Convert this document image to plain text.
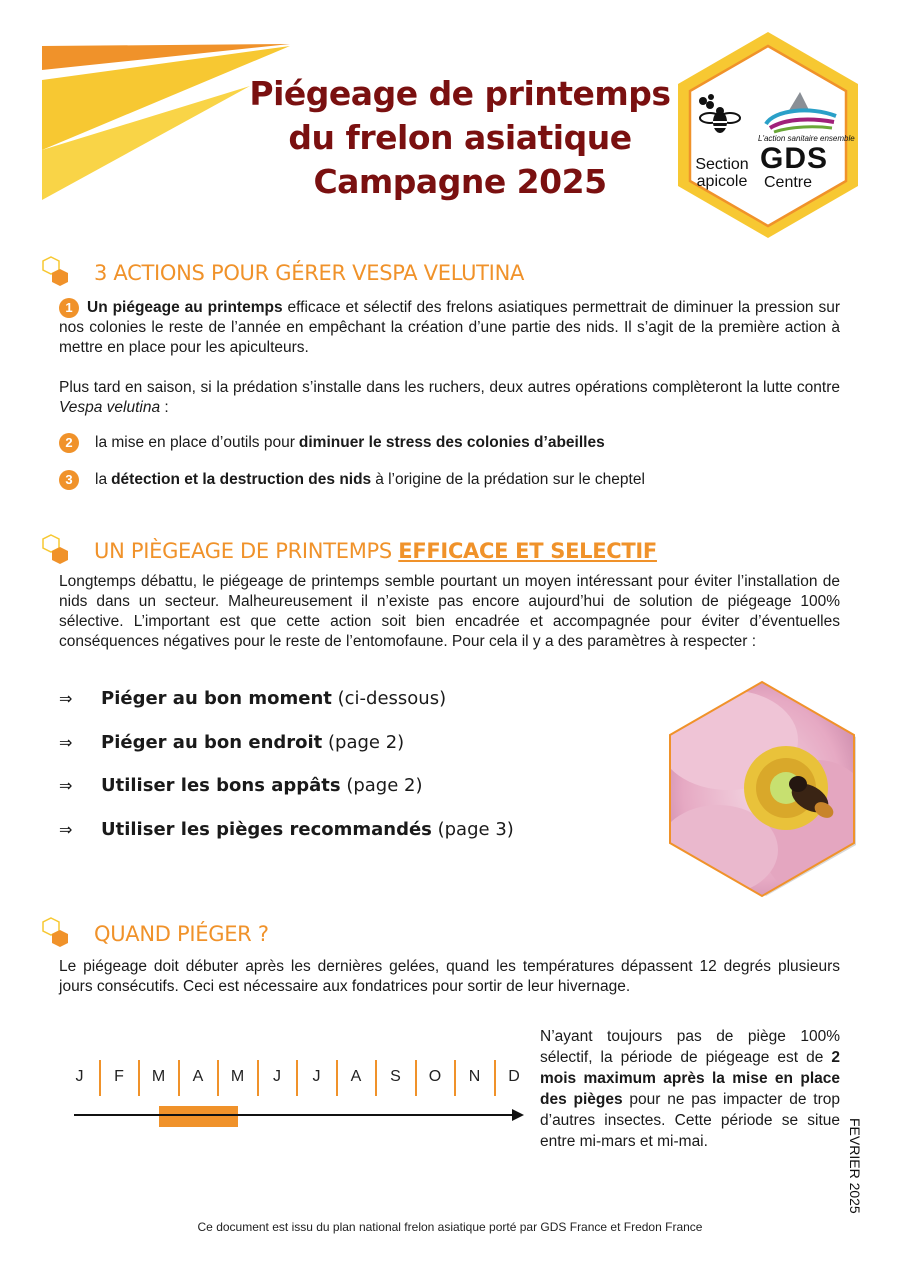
Piégeage de printemps
du frelon asiatique
Campagne 2025	Section
apicole
L'action sanitaire ensemble
GDS
Centre
3 ACTIONS POUR GÉRER VESPA VELUTINA
1 Un piégeage au printemps efficace et sélectif des frelons asiatiques permettrait de diminuer la pression sur nos colonies le reste de l’année en empêchant la création d’une partie des nids. Il s’agit de la première action à mettre en place pour les apiculteurs.
Plus tard en saison, si la prédation s’installe dans les ruchers, deux autres opérations complèteront la lutte contre Vespa velutina :
2	la mise en place d’outils pour diminuer le stress des colonies d’abeilles
3	la détection et la destruction des nids à l’origine de la prédation sur le cheptel
UN PIÈGEAGE DE PRINTEMPS EFFICACE ET SELECTIF
Longtemps débattu, le piégeage de printemps semble pourtant un moyen intéressant pour éviter l’installation de nids dans un secteur. Malheureusement il n’existe pas encore aujourd’hui de solution de piégeage 100% sélective. L’important est que cette action soit bien encadrée et accompagnée pour éviter d’éventuelles conséquences négatives pour le reste de l’entomofaune. Pour cela il y a des paramètres à respecter :
⇒	Piéger au bon moment (ci-dessous)
⇒	Piéger au bon endroit (page 2)
⇒	Utiliser les bons appâts (page 2)
⇒	Utiliser les pièges recommandés (page 3)
QUAND PIÉGER ?
Le piégeage doit débuter après les dernières gelées, quand les températures dépassent 12 degrés plusieurs jours consécutifs. Ceci est nécessaire aux fondatrices pour sortir de leur hivernage.
J	F	M	A	M	J	J	A	S	O	N	D
N’ayant toujours pas de piège 100% sélectif, la période de piégeage est de 2 mois maximum après la mise en place des pièges pour ne pas impacter de trop d’autres insectes. Cette période se situe entre mi-mars et mi-mai.	FEVRIER 2025
Ce document est issu du plan national frelon asiatique porté par GDS France et Fredon France
